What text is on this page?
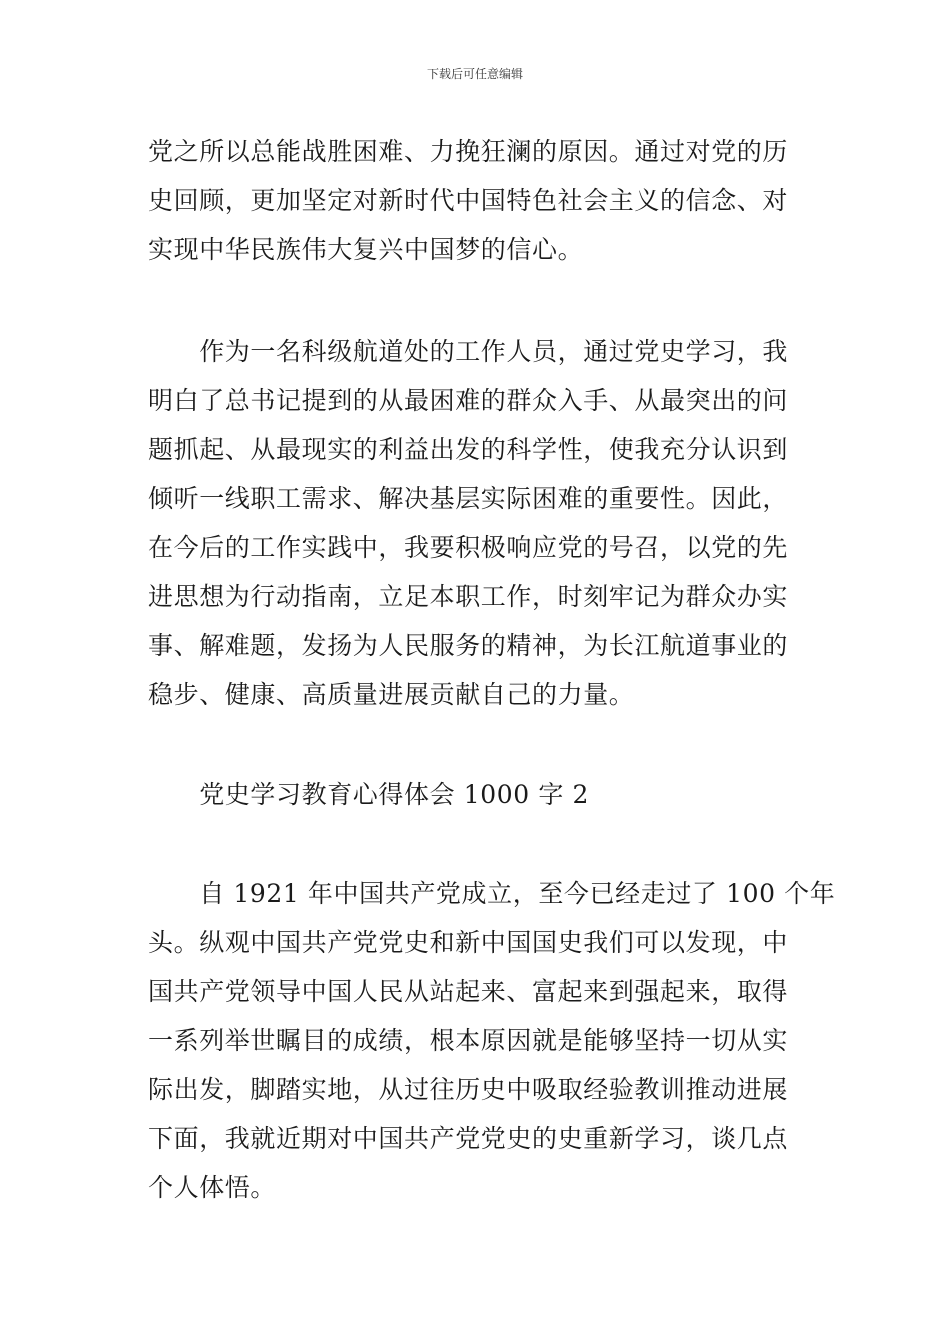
下载后可任意编辑
党之所以总能战胜困难、力挽狂澜的原因。通过对党的历
史回顾，更加坚定对新时代中国特色社会主义的信念、对
实现中华民族伟大复兴中国梦的信心。
　　作为一名科级航道处的工作人员，通过党史学习，我
明白了总书记提到的从最困难的群众入手、从最突出的问
题抓起、从最现实的利益出发的科学性，使我充分认识到
倾听一线职工需求、解决基层实际困难的重要性。因此，
在今后的工作实践中，我要积极响应党的号召，以党的先
进思想为行动指南，立足本职工作，时刻牢记为群众办实
事、解难题，发扬为人民服务的精神，为长江航道事业的
稳步、健康、高质量进展贡献自己的力量。
　　党史学习教育心得体会 1000 字 2
　　自 1921 年中国共产党成立，至今已经走过了 100 个年
头。纵观中国共产党党史和新中国国史我们可以发现，中
国共产党领导中国人民从站起来、富起来到强起来，取得
一系列举世瞩目的成绩，根本原因就是能够坚持一切从实
际出发，脚踏实地，从过往历史中吸取经验教训推动进展
下面，我就近期对中国共产党党史的史重新学习，谈几点
个人体悟。
